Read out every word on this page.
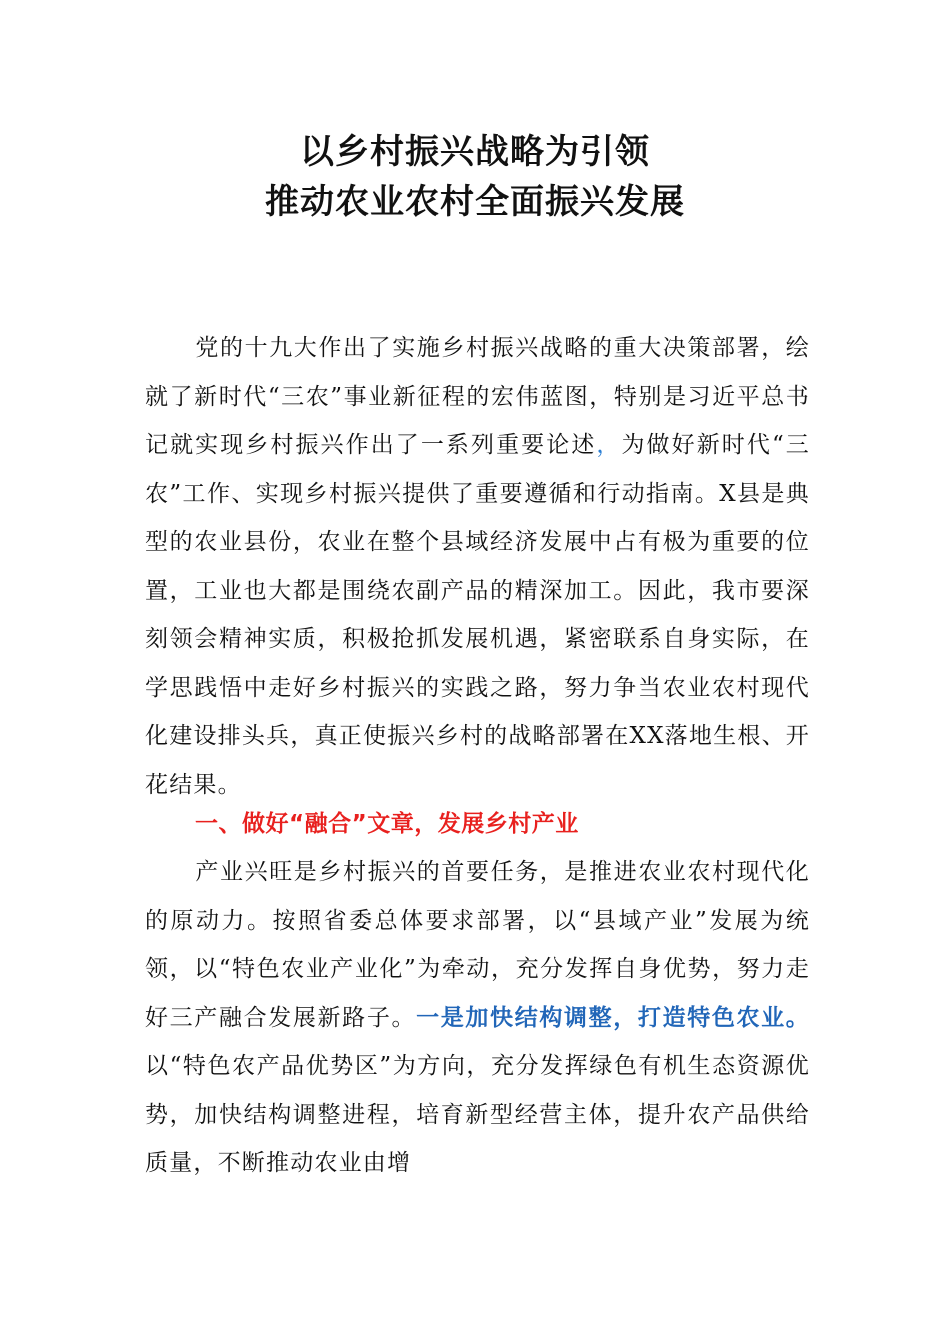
以乡村振兴战略为引领
推动农业农村全面振兴发展
党的十九大作出了实施乡村振兴战略的重大决策部署，绘就了新时代“三农”事业新征程的宏伟蓝图，特别是习近平总书记就实现乡村振兴作出了一系列重要论述，为做好新时代“三农”工作、实现乡村振兴提供了重要遵循和行动指南。X县是典型的农业县份，农业在整个县域经济发展中占有极为重要的位置，工业也大都是围绕农副产品的精深加工。因此，我市要深刻领会精神实质，积极抢抓发展机遇，紧密联系自身实际，在学思践悟中走好乡村振兴的实践之路，努力争当农业农村现代化建设排头兵，真正使振兴乡村的战略部署在XX落地生根、开花结果。
一、做好“融合”文章，发展乡村产业
产业兴旺是乡村振兴的首要任务，是推进农业农村现代化的原动力。按照省委总体要求部署，以“县域产业”发展为统领，以“特色农业产业化”为牵动，充分发挥自身优势，努力走好三产融合发展新路子。一是加快结构调整，打造特色农业。以“特色农产品优势区”为方向，充分发挥绿色有机生态资源优势，加快结构调整进程，培育新型经营主体，提升农产品供给质量，不断推动农业由增
